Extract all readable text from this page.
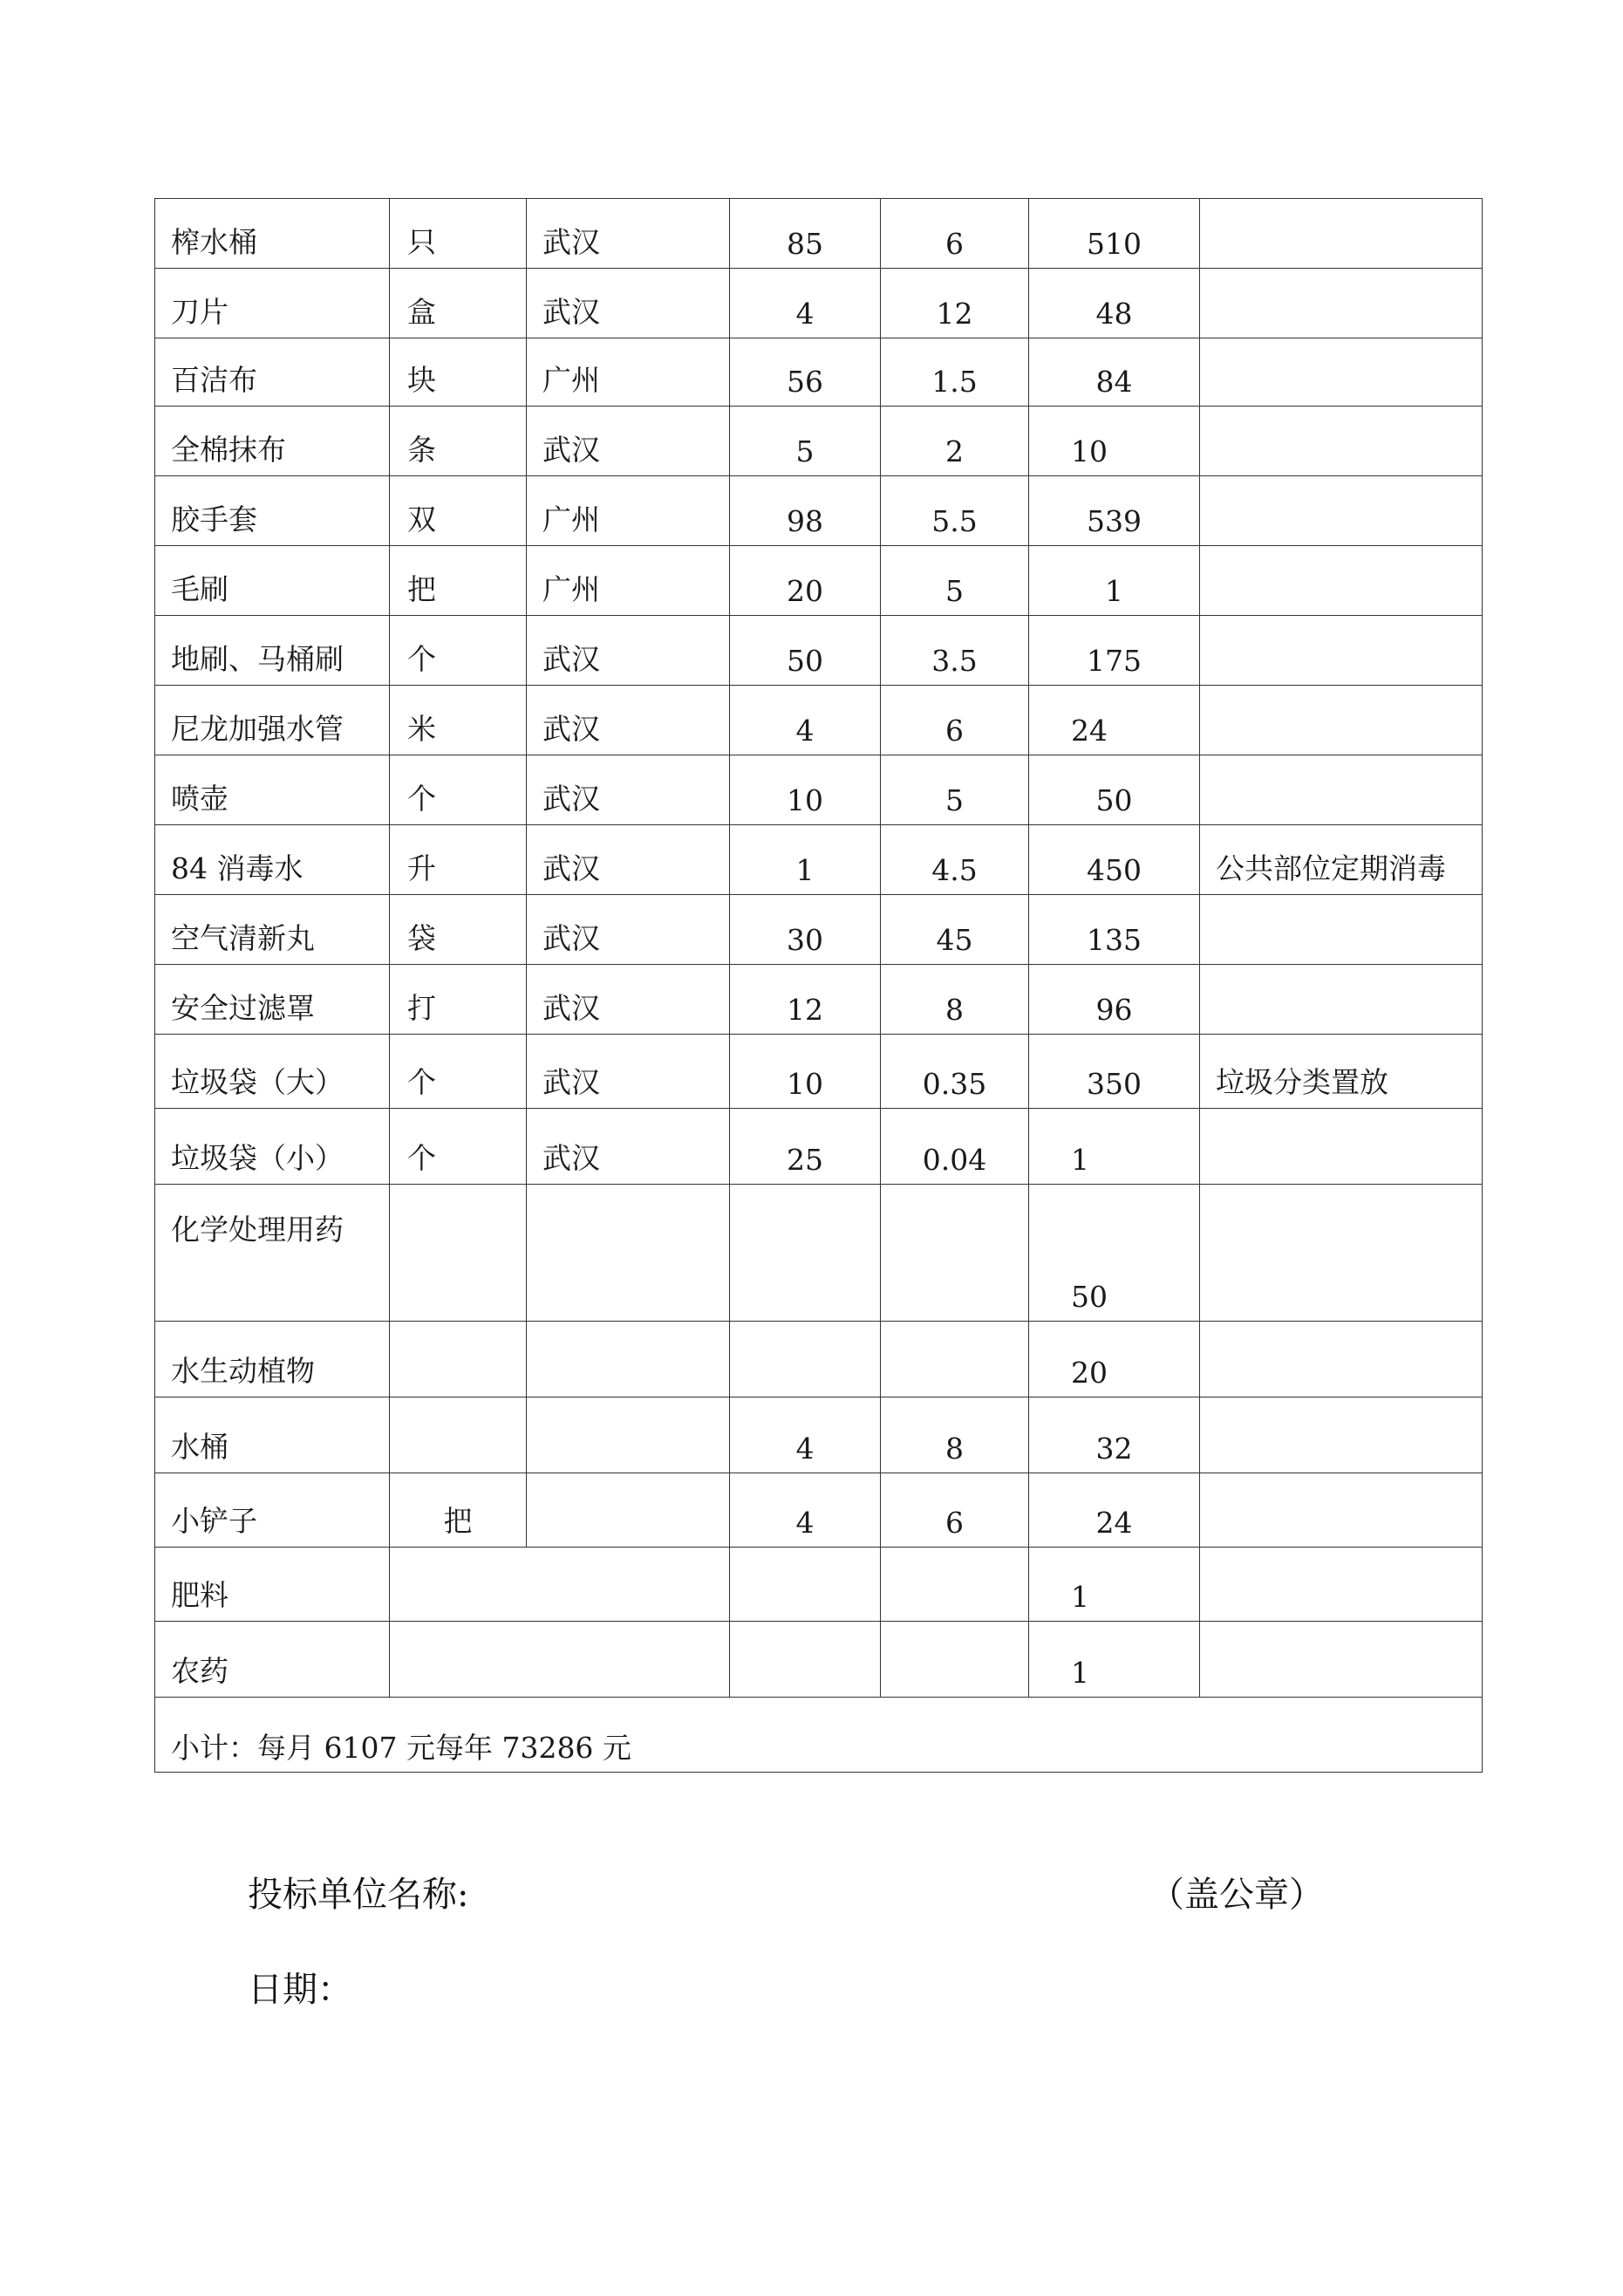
榨水桶	只	武汉	85	6	510	
刀片	盒	武汉	4	12	48	
百洁布	块	广州	56	1.5	84	
全棉抹布	条	武汉	5	2	10	
胶手套	双	广州	98	5.5	539	
毛刷	把	广州	20	5	1	
地刷、马桶刷	个	武汉	50	3.5	175	
尼龙加强水管	米	武汉	4	6	24	
喷壶	个	武汉	10	5	50	
84 消毒水	升	武汉	1	4.5	450	公共部位定期消毒
空气清新丸	袋	武汉	30	45	135	
安全过滤罩	打	武汉	12	8	96	
垃圾袋（大）	个	武汉	10	0.35	350	垃圾分类置放
垃圾袋（小）	个	武汉	25	0.04	1	
化学处理用药					50	
水生动植物					20	
水桶			4	8	32	
小铲子	把		4	6	24	
肥料					1	
农药					1	
小计：每月 6107 元每年 73286 元						
投标单位名称:	（盖公章）
日期：
